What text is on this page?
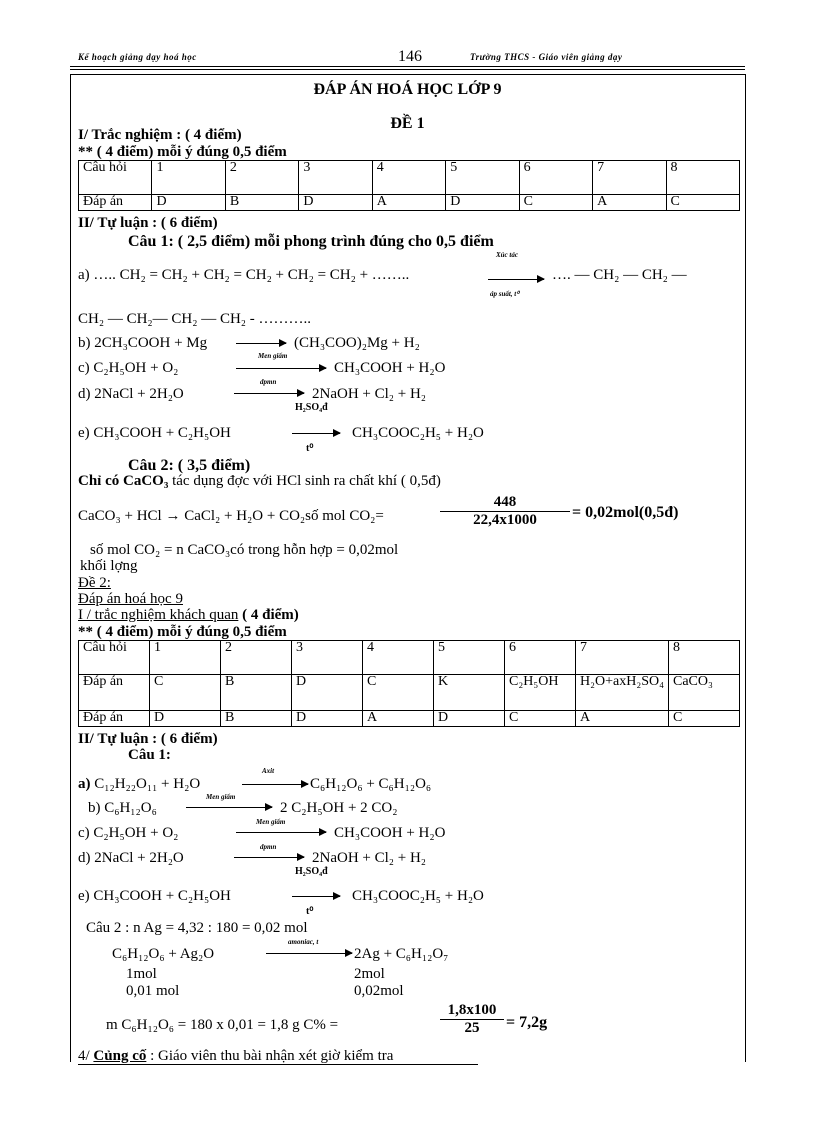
Kế hoạch giảng dạy hoá học	146	Trường THCS - Giáo viên giảng dạy
ĐÁP ÁN HOÁ HỌC LỚP 9
ĐỀ 1
I/ Trắc nghiệm : ( 4 điểm)
** ( 4 điểm) mỗi ý đúng 0,5 điểm
Câu hỏi	1	2	3	4	5	6	7	8
Đáp án	D	B	D	A	D	C	A	C
II/ Tự luận : ( 6 điểm)
Câu 1: ( 2,5 điểm) mỗi phong trình đúng cho 0,5 điểm
a) ….. CH₂ = CH₂ + CH₂ = CH₂ + CH₂ = CH₂ + ……..
Xúc tác
áp suất, t⁰
…. — CH₂ — CH₂ —
CH₂ — CH₂— CH₂ — CH₂ - ………..
b) 2CH₃COOH + Mg	(CH₃COO)₂Mg + H₂
Men giấm
c) C₂H₅OH + O₂	CH₃COOH + H₂O
dpmn
d) 2NaCl + 2H₂O	2NaOH + Cl₂ + H₂
H₂SO₄đ
e) CH₃COOH + C₂H₅OH
t⁰
CH₃COOC₂H₅ + H₂O
Câu 2: ( 3,5 điểm)
Chỉ có CaCO₃ tác dụng đợc với HCl sinh ra chất khí ( 0,5đ)
CaCO₃ + HCl → CaCl₂ + H₂O + CO₂số mol CO₂=	$\frac{448}{22,4x1000}$ = 0,02mol(0,5đ)
số mol CO₂ = n CaCO₃có trong hỗn hợp = 0,02mol
khối lợng
Đề 2:
Đáp án hoá học 9
I / trắc nghiệm khách quan ( 4 điểm)
** ( 4 điểm) mỗi ý đúng 0,5 điểm
Câu hỏi	1	2	3	4	5	6	7	8
Đáp án	C	B	D	C	K	C₂H₅OH	H₂O+axH₂SO₄	CaCO₃
Đáp án	D	B	D	A	D	C	A	C
II/ Tự luận : ( 6 điểm)
Câu 1:
Axit
a) C₁₂H₂₂O₁₁ + H₂O	C₆H₁₂O₆ + C₆H₁₂O₆
Men giấm
b) C₆H₁₂O₆	2 C₂H₅OH + 2 CO₂
Men giấm
c) C₂H₅OH + O₂	CH₃COOH + H₂O
dpmn
d) 2NaCl + 2H₂O	2NaOH + Cl₂ + H₂
H₂SO₄đ
e) CH₃COOH + C₂H₅OH
t⁰
CH₃COOC₂H₅ + H₂O
Câu 2 : n Ag = 4,32 : 180 = 0,02 mol
amoniac, t
C₆H₁₂O₆ + Ag₂O	2Ag + C₆H₁₂O₇
1mol	2mol
0,01 mol	0,02mol
m C₆H₁₂O₆ = 180 x 0,01 = 1,8 g C% =	$\frac{1,8x100}{25} = 7,2g$
4/ Củng cố : Giáo viên thu bài nhận xét giờ kiểm tra
